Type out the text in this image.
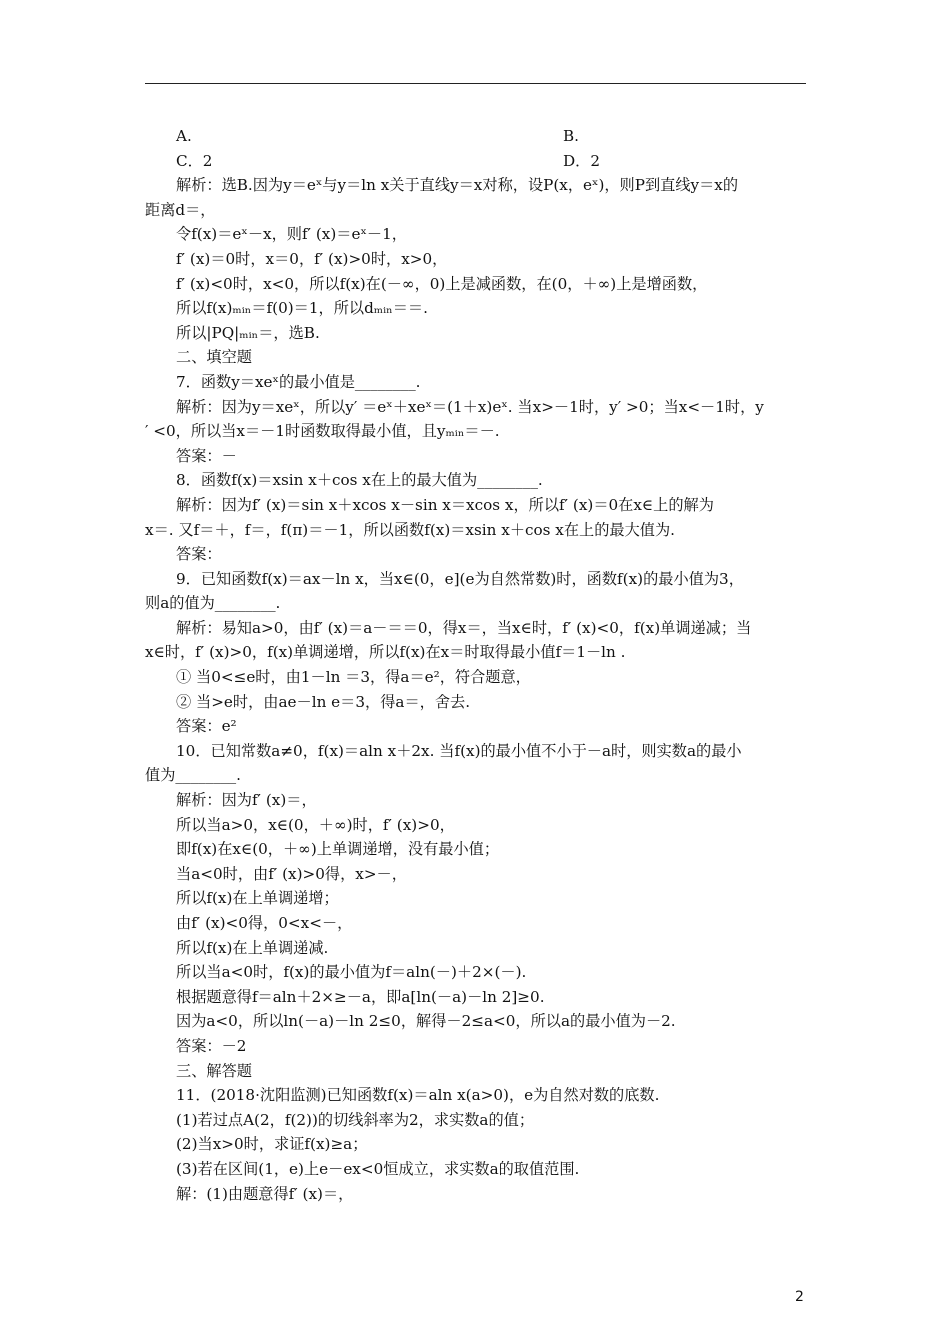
A.	B.
C．2	D．2
解析：选B.因为y＝eˣ与y＝ln x关于直线y＝x对称，设P(x，eˣ)，则P到直线y＝x的
距离d＝，
令f(x)＝eˣ－x，则f′ (x)＝eˣ－1，
f′ (x)＝0时，x＝0，f′ (x)>0时，x>0，
f′ (x)<0时，x<0，所以f(x)在(－∞，0)上是减函数，在(0，＋∞)上是增函数，
所以f(x)ₘᵢₙ＝f(0)＝1，所以dₘᵢₙ＝＝.
所以|PQ|ₘᵢₙ＝，选B.
二、填空题
7．函数y＝xeˣ的最小值是________.
解析：因为y＝xeˣ，所以y′ ＝eˣ＋xeˣ＝(1＋x)eˣ. 当x>－1时，y′ >0；当x<－1时，y
′ <0，所以当x＝－1时函数取得最小值，且yₘᵢₙ＝－.
答案：－
8．函数f(x)＝xsin x＋cos x在上的最大值为________.
解析：因为f′ (x)＝sin x＋xcos x－sin x＝xcos x，所以f′ (x)＝0在x∈上的解为
x＝. 又f＝＋，f＝，f(π)＝－1，所以函数f(x)＝xsin x＋cos x在上的最大值为.
答案：
9．已知函数f(x)＝ax－ln x，当x∈(0，e](e为自然常数)时，函数f(x)的最小值为3，
则a的值为________.
解析：易知a>0，由f′ (x)＝a－＝＝0，得x＝，当x∈时，f′ (x)<0，f(x)单调递减；当
x∈时，f′ (x)>0，f(x)单调递增，所以f(x)在x＝时取得最小值f＝1－ln .
① 当0<≤e时，由1－ln ＝3，得a＝e²，符合题意，
② 当>e时，由ae－ln e＝3，得a＝，舍去.
答案：e²
10．已知常数a≠0，f(x)＝aln x＋2x. 当f(x)的最小值不小于－a时，则实数a的最小
值为________.
解析：因为f′ (x)＝，
所以当a>0，x∈(0，＋∞)时，f′ (x)>0，
即f(x)在x∈(0，＋∞)上单调递增，没有最小值；
当a<0时，由f′ (x)>0得，x>－，
所以f(x)在上单调递增；
由f′ (x)<0得，0<x<－，
所以f(x)在上单调递减.
所以当a<0时，f(x)的最小值为f＝aln(－)＋2×(－).
根据题意得f＝aln＋2×≥－a，即a[ln(－a)－ln 2]≥0.
因为a<0，所以ln(－a)－ln 2≤0，解得－2≤a<0，所以a的最小值为－2.
答案：－2
三、解答题
11．(2018·沈阳监测)已知函数f(x)＝aln x(a>0)，e为自然对数的底数.
(1)若过点A(2，f(2))的切线斜率为2，求实数a的值；
(2)当x>0时，求证f(x)≥a；
(3)若在区间(1，e)上e－ex<0恒成立，求实数a的取值范围.
解：(1)由题意得f′ (x)＝，
2
